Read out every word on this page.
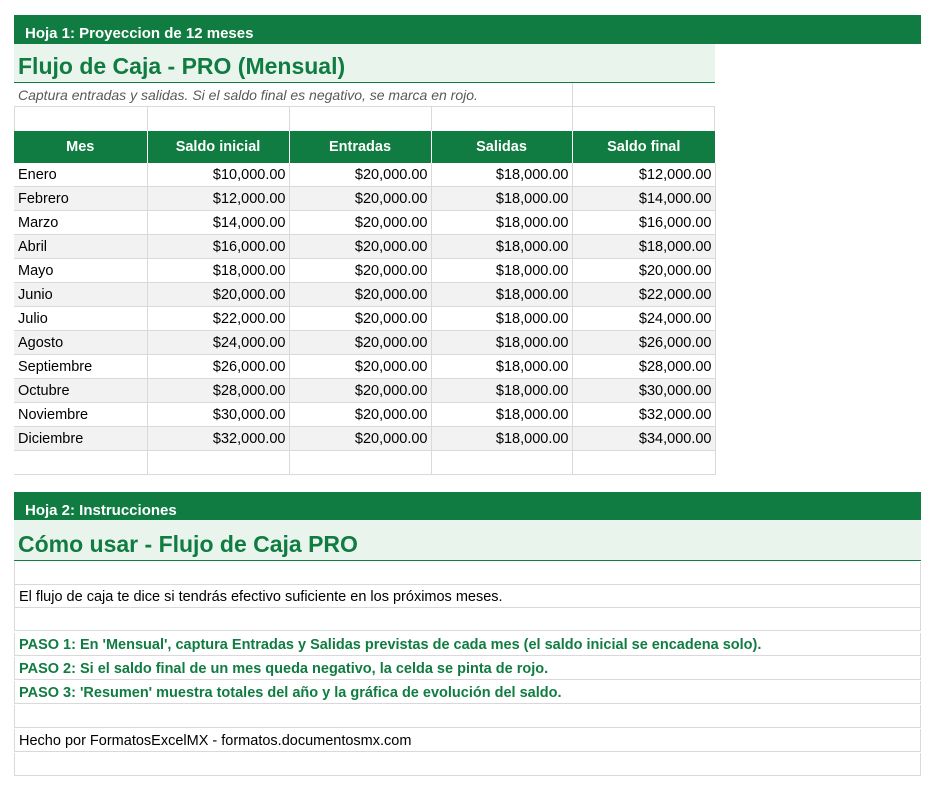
Hoja 1: Proyeccion de 12 meses
Flujo de Caja - PRO (Mensual)
Captura entradas y salidas. Si el saldo final es negativo, se marca en rojo.
Mes	Saldo inicial	Entradas	Salidas	Saldo final
Enero	$10,000.00	$20,000.00	$18,000.00	$12,000.00
Febrero	$12,000.00	$20,000.00	$18,000.00	$14,000.00
Marzo	$14,000.00	$20,000.00	$18,000.00	$16,000.00
Abril	$16,000.00	$20,000.00	$18,000.00	$18,000.00
Mayo	$18,000.00	$20,000.00	$18,000.00	$20,000.00
Junio	$20,000.00	$20,000.00	$18,000.00	$22,000.00
Julio	$22,000.00	$20,000.00	$18,000.00	$24,000.00
Agosto	$24,000.00	$20,000.00	$18,000.00	$26,000.00
Septiembre	$26,000.00	$20,000.00	$18,000.00	$28,000.00
Octubre	$28,000.00	$20,000.00	$18,000.00	$30,000.00
Noviembre	$30,000.00	$20,000.00	$18,000.00	$32,000.00
Diciembre	$32,000.00	$20,000.00	$18,000.00	$34,000.00

Hoja 2: Instrucciones
Cómo usar - Flujo de Caja PRO
El flujo de caja te dice si tendrás efectivo suficiente en los próximos meses.
PASO 1: En 'Mensual', captura Entradas y Salidas previstas de cada mes (el saldo inicial se encadena solo).
PASO 2: Si el saldo final de un mes queda negativo, la celda se pinta de rojo.
PASO 3: 'Resumen' muestra totales del año y la gráfica de evolución del saldo.
Hecho por FormatosExcelMX - formatos.documentosmx.com
